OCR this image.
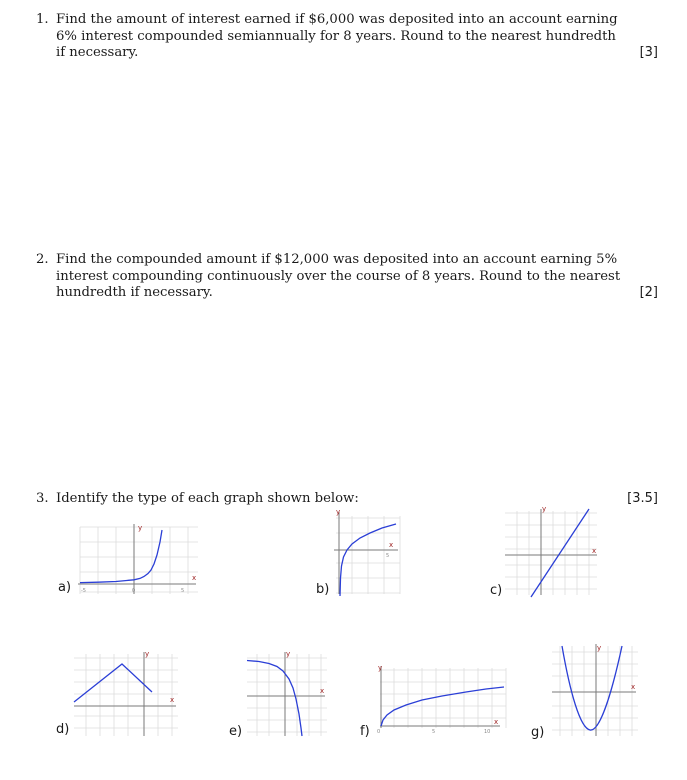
1. Find the amount of interest earned if $6,000 was deposited into an account earning
6% interest compounded semiannually for 8 years. Round to the nearest hundredth
if necessary.	[3]
2. Find the compounded amount if $12,000 was deposited into an account earning 5%
interest compounding continuously over the course of 8 years. Round to the nearest
hundredth if necessary.	[2]
3. Identify the type of each graph shown below:	[3.5]
a)	b)	c)
d)	e)	f)	g)
y
x
-5	0	5
y
x
5
y
x
y
x
y
x
y
x
0	5	10
y
x
